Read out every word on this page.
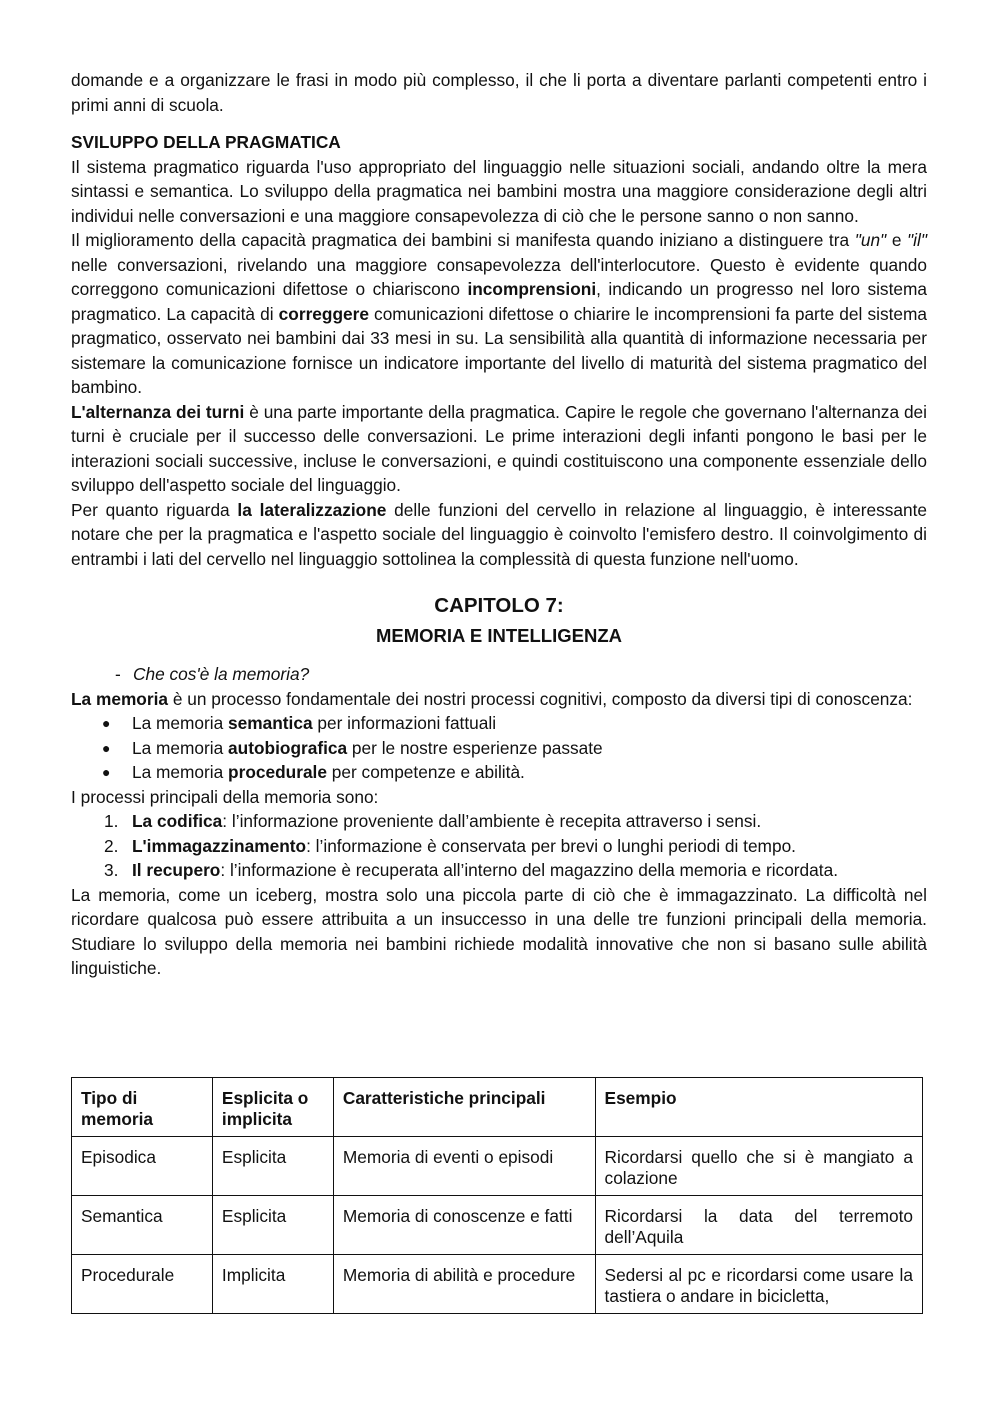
domande e a organizzare le frasi in modo più complesso, il che li porta a diventare parlanti competenti entro i primi anni di scuola.

SVILUPPO DELLA PRAGMATICA

Il sistema pragmatico riguarda l'uso appropriato del linguaggio nelle situazioni sociali, andando oltre la mera sintassi e semantica. Lo sviluppo della pragmatica nei bambini mostra una maggiore considerazione degli altri individui nelle conversazioni e una maggiore consapevolezza di ciò che le persone sanno o non sanno.

Il miglioramento della capacità pragmatica dei bambini si manifesta quando iniziano a distinguere tra "un" e "il" nelle conversazioni, rivelando una maggiore consapevolezza dell'interlocutore. Questo è evidente quando correggono comunicazioni difettose o chiariscono incomprensioni, indicando un progresso nel loro sistema pragmatico. La capacità di correggere comunicazioni difettose o chiarire le incomprensioni fa parte del sistema pragmatico, osservato nei bambini dai 33 mesi in su. La sensibilità alla quantità di informazione necessaria per sistemare la comunicazione fornisce un indicatore importante del livello di maturità del sistema pragmatico del bambino.

L'alternanza dei turni è una parte importante della pragmatica. Capire le regole che governano l'alternanza dei turni è cruciale per il successo delle conversazioni. Le prime interazioni degli infanti pongono le basi per le interazioni sociali successive, incluse le conversazioni, e quindi costituiscono una componente essenziale dello sviluppo dell'aspetto sociale del linguaggio.

Per quanto riguarda la lateralizzazione delle funzioni del cervello in relazione al linguaggio, è interessante notare che per la pragmatica e l'aspetto sociale del linguaggio è coinvolto l'emisfero destro. Il coinvolgimento di entrambi i lati del cervello nel linguaggio sottolinea la complessità di questa funzione nell'uomo.

CAPITOLO 7:
MEMORIA E INTELLIGENZA
- Che cos'è la memoria?

La memoria è un processo fondamentale dei nostri processi cognitivi, composto da diversi tipi di conoscenza:

● La memoria semantica per informazioni fattuali
● La memoria autobiografica per le nostre esperienze passate
● La memoria procedurale per competenze e abilità.

I processi principali della memoria sono:

1. La codifica: l’informazione proveniente dall’ambiente è recepita attraverso i sensi.
2. L'immagazzinamento: l’informazione è conservata per brevi o lunghi periodi di tempo.
3. Il recupero: l’informazione è recuperata all’interno del magazzino della memoria e ricordata.

La memoria, come un iceberg, mostra solo una piccola parte di ciò che è immagazzinato. La difficoltà nel ricordare qualcosa può essere attribuita a un insuccesso in una delle tre funzioni principali della memoria. Studiare lo sviluppo della memoria nei bambini richiede modalità innovative che non si basano sulle abilità linguistiche.

Tipo di memoria	Esplicita o implicita	Caratteristiche principali	Esempio
Episodica	Esplicita	Memoria di eventi o episodi	Ricordarsi quello che si è mangiato a colazione
Semantica	Esplicita	Memoria di conoscenze e fatti	Ricordarsi la data del terremoto dell’Aquila
Procedurale	Implicita	Memoria di abilità e procedure	Sedersi al pc e ricordarsi come usare la tastiera o andare in bicicletta,
